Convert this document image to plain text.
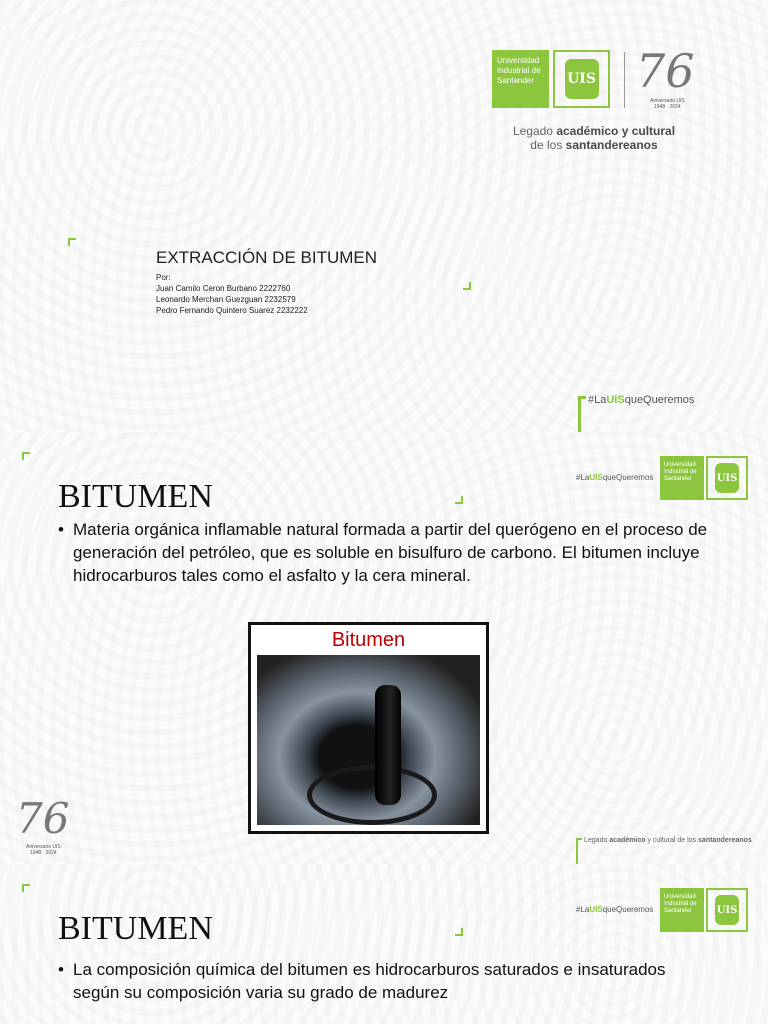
Universidad
Industrial de
Santander	UIS 76
Aniversario UIS
1948 · 2024
Legado académico y cultural
de los santandereanos
EXTRACCIÓN DE BITUMEN
Por:
Juan Camilo Ceron Burbano 2222760
Leonardo Merchan Guezguan 2232579
Pedro Fernando Quintero Suarez 2232222
#LaUISqueQueremos
#LaUISqueQueremos
Universidad
Industrial de
Santander	UIS
BITUMEN
• Materia orgánica inflamable natural formada a partir del querógeno en el proceso de generación del petróleo, que es soluble en bisulfuro de carbono. El bitumen incluye hidrocarburos tales como el asfalto y la cera mineral.
Bitumen
76
Aniversario UIS
1948 · 2024
Legado académico y cultural de los santandereanos
#LaUISqueQueremos
Universidad
Industrial de
Santander	UIS
BITUMEN
• La composición química del bitumen es hidrocarburos saturados e insaturados según su composición varia su grado de madurez
